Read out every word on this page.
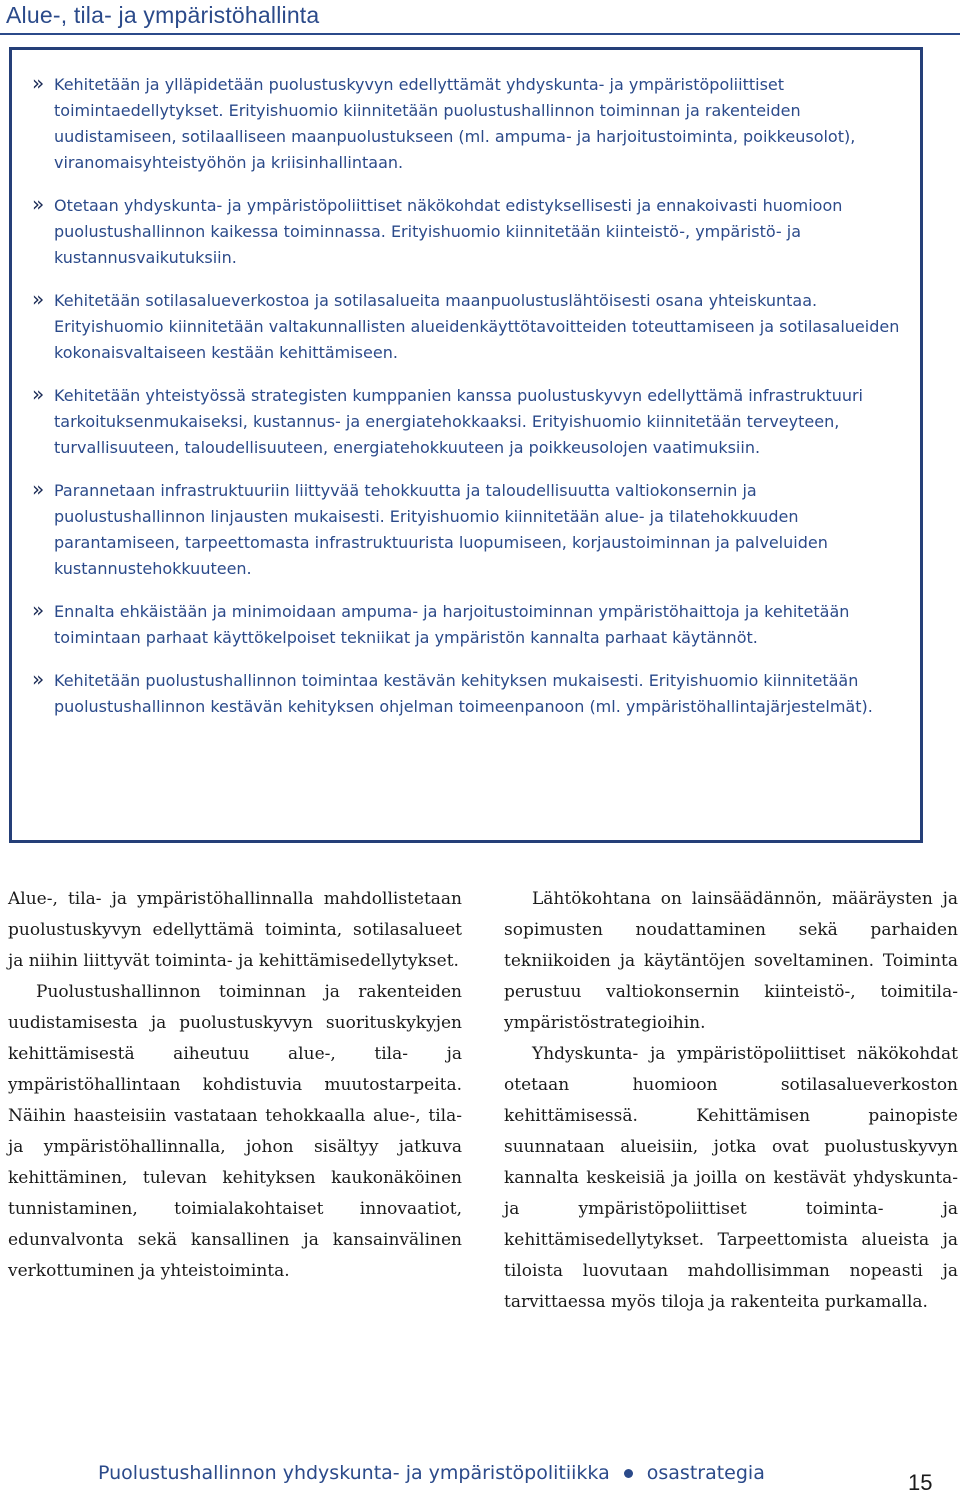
Alue-, tila- ja ympäristöhallinta
» Kehitetään ja ylläpidetään puolustuskyvyn edellyttämät yhdyskunta- ja ympäristöpoliittiset toimintaedellytykset. Erityishuomio kiinnitetään puolustushallinnon toiminnan ja rakenteiden uudistamiseen, sotilaalliseen maanpuolustukseen (ml. ampuma- ja harjoitustoiminta, poikkeusolot), viranomaisyhteistyöhön ja kriisinhallintaan.
» Otetaan yhdyskunta- ja ympäristöpoliittiset näkökohdat edistyksellisesti ja ennakoivasti huomioon puolustushallinnon kaikessa toiminnassa. Erityishuomio kiinnitetään kiinteistö-, ympäristö- ja kustannusvaikutuksiin.
» Kehitetään sotilasalueverkostoa ja sotilasalueita maanpuolustuslähtöisesti osana yhteiskuntaa. Erityishuomio kiinnitetään valtakunnallisten alueidenkäyttötavoitteiden toteuttamiseen ja sotilasalueiden kokonaisvaltaiseen kestään kehittämiseen.
» Kehitetään yhteistyössä strategisten kumppanien kanssa puolustuskyvyn edellyttämä infrastruktuuri tarkoituksenmukaiseksi, kustannus- ja energiatehokkaaksi. Erityishuomio kiinnitetään terveyteen, turvallisuuteen, taloudellisuuteen, energiatehokkuuteen ja poikkeusolojen vaatimuksiin.
» Parannetaan infrastruktuuriin liittyvää tehokkuutta ja taloudellisuutta valtiokonsernin ja puolustushallinnon linjausten mukaisesti. Erityishuomio kiinnitetään alue- ja tilatehokkuuden parantamiseen, tarpeettomasta infrastruktuurista luopumiseen, korjaustoiminnan ja palveluiden kustannustehokkuuteen.
» Ennalta ehkäistään ja minimoidaan ampuma- ja harjoitustoiminnan ympäristöhaittoja ja kehitetään toimintaan parhaat käyttökelpoiset tekniikat ja ympäristön kannalta parhaat käytännöt.
» Kehitetään puolustushallinnon toimintaa kestävän kehityksen mukaisesti. Erityishuomio kiinnitetään puolustushallinnon kestävän kehityksen ohjelman toimeenpanoon (ml. ympäristöhallintajärjestelmät).

Alue-, tila- ja ympäristöhallinnalla mahdollistetaan puolustuskyvyn edellyttämä toiminta, sotilasalueet ja niihin liittyvät toiminta- ja kehittämisedellytykset.

Puolustushallinnon toiminnan ja rakenteiden uudistamisesta ja puolustuskyvyn suorituskykyjen kehittämisestä aiheutuu alue-, tila- ja ympäristöhallintaan kohdistuvia muutostarpeita. Näihin haasteisiin vastataan tehokkaalla alue-, tila- ja ympäristöhallinnalla, johon sisältyy jatkuva kehittäminen, tulevan kehityksen kaukonäköinen tunnistaminen, toimialakohtaiset innovaatiot, edunvalvonta sekä kansallinen ja kansainvälinen verkottuminen ja yhteistoiminta.

Lähtökohtana on lainsäädännön, määräysten ja sopimusten noudattaminen sekä parhaiden tekniikoiden ja käytäntöjen soveltaminen. Toiminta perustuu valtiokonsernin kiinteistö-, toimitila- ympäristöstrategioihin.

Yhdyskunta- ja ympäristöpoliittiset näkökohdat otetaan huomioon sotilasalueverkoston kehittämisessä. Kehittämisen painopiste suunnataan alueisiin, jotka ovat puolustuskyvyn kannalta keskeisiä ja joilla on kestävät yhdyskunta- ja ympäristöpoliittiset toiminta- ja kehittämisedellytykset. Tarpeettomista alueista ja tiloista luovutaan mahdollisimman nopeasti ja tarvittaessa myös tiloja ja rakenteita purkamalla.

Puolustushallinnon yhdyskunta- ja ympäristöpolitiikka osastrategia	15
